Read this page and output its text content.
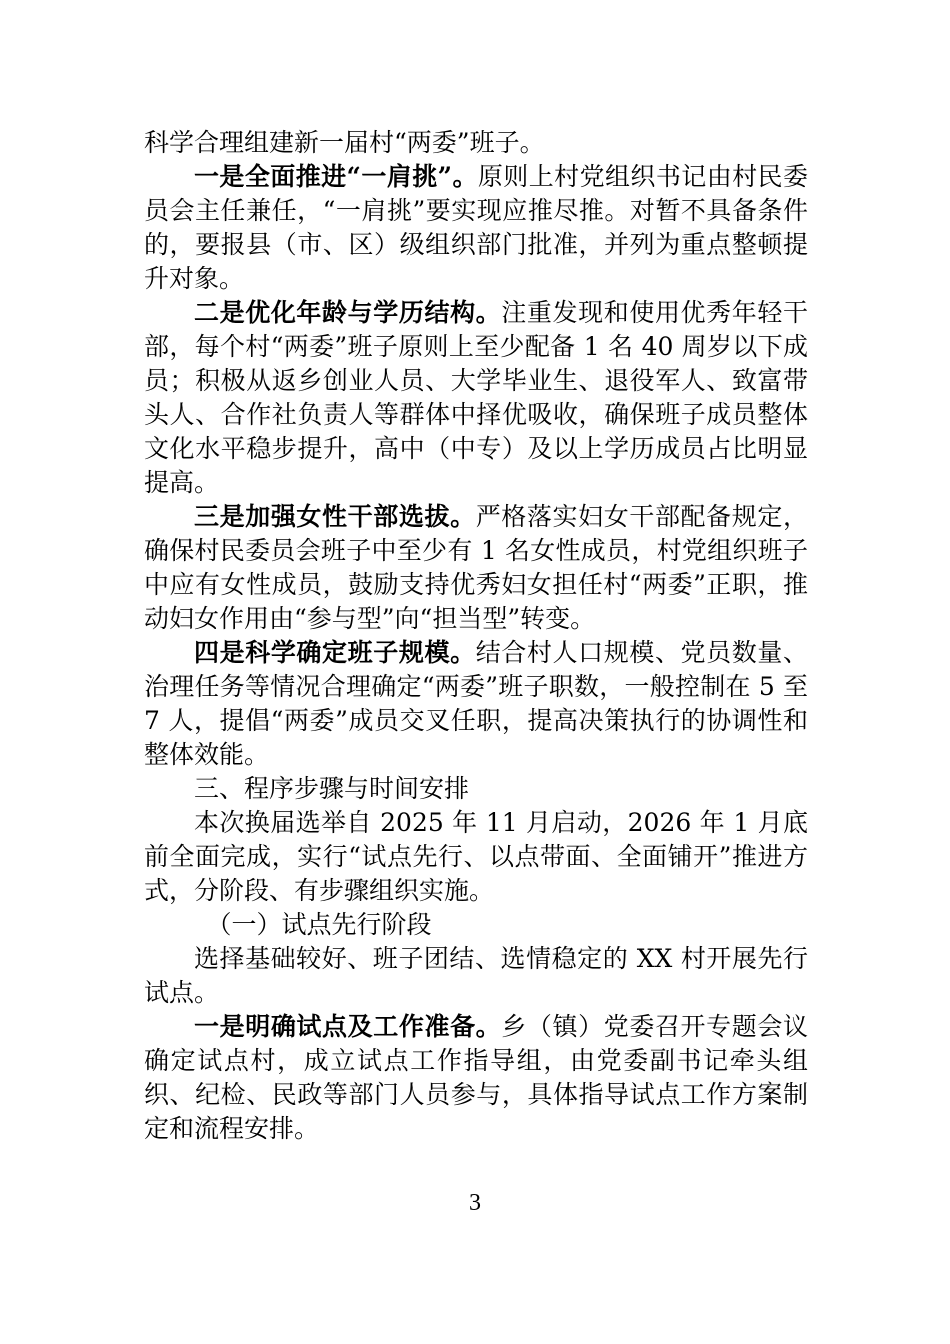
科学合理组建新一届村“两委”班子。

一是全面推进“一肩挑”。原则上村党组织书记由村民委员会主任兼任，“一肩挑”要实现应推尽推。对暂不具备条件的，要报县（市、区）级组织部门批准，并列为重点整顿提升对象。

二是优化年龄与学历结构。注重发现和使用优秀年轻干部，每个村“两委”班子原则上至少配备 1 名 40 周岁以下成员；积极从返乡创业人员、大学毕业生、退役军人、致富带头人、合作社负责人等群体中择优吸收，确保班子成员整体文化水平稳步提升，高中（中专）及以上学历成员占比明显提高。

三是加强女性干部选拔。严格落实妇女干部配备规定，确保村民委员会班子中至少有 1 名女性成员，村党组织班子中应有女性成员，鼓励支持优秀妇女担任村“两委”正职，推动妇女作用由“参与型”向“担当型”转变。

四是科学确定班子规模。结合村人口规模、党员数量、治理任务等情况合理确定“两委”班子职数，一般控制在 5 至 7 人，提倡“两委”成员交叉任职，提高决策执行的协调性和整体效能。

三、程序步骤与时间安排

本次换届选举自 2025 年 11 月启动，2026 年 1 月底前全面完成，实行“试点先行、以点带面、全面铺开”推进方式，分阶段、有步骤组织实施。

（一）试点先行阶段

选择基础较好、班子团结、选情稳定的 XX 村开展先行试点。

一是明确试点及工作准备。乡（镇）党委召开专题会议确定试点村，成立试点工作指导组，由党委副书记牵头组织、纪检、民政等部门人员参与，具体指导试点工作方案制定和流程安排。

3
